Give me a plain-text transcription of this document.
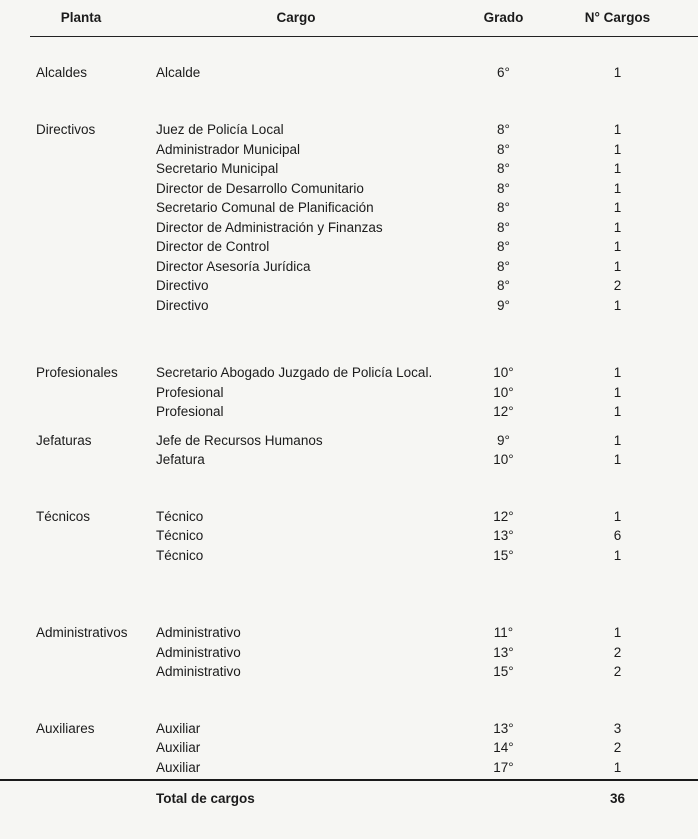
Planta	Cargo	Grado	N° Cargos
Alcaldes	Alcalde	6°	1
Directivos	Juez de Policía Local	8°	1
Administrador Municipal	8°	1
Secretario Municipal	8°	1
Director de Desarrollo Comunitario	8°	1
Secretario Comunal de Planificación	8°	1
Director de Administración y Finanzas	8°	1
Director de Control	8°	1
Director Asesoría Jurídica	8°	1
Directivo	8°	2
Directivo	9°	1
Profesionales	Secretario Abogado Juzgado de Policía Local.	10°	1
Profesional	10°	1
Profesional	12°	1
Jefaturas	Jefe de Recursos Humanos	9°	1
Jefatura	10°	1
Técnicos	Técnico	12°	1
Técnico	13°	6
Técnico	15°	1
Administrativos	Administrativo	11°	1
Administrativo	13°	2
Administrativo	15°	2
Auxiliares	Auxiliar	13°	3
Auxiliar	14°	2
Auxiliar	17°	1
Total de cargos	36
